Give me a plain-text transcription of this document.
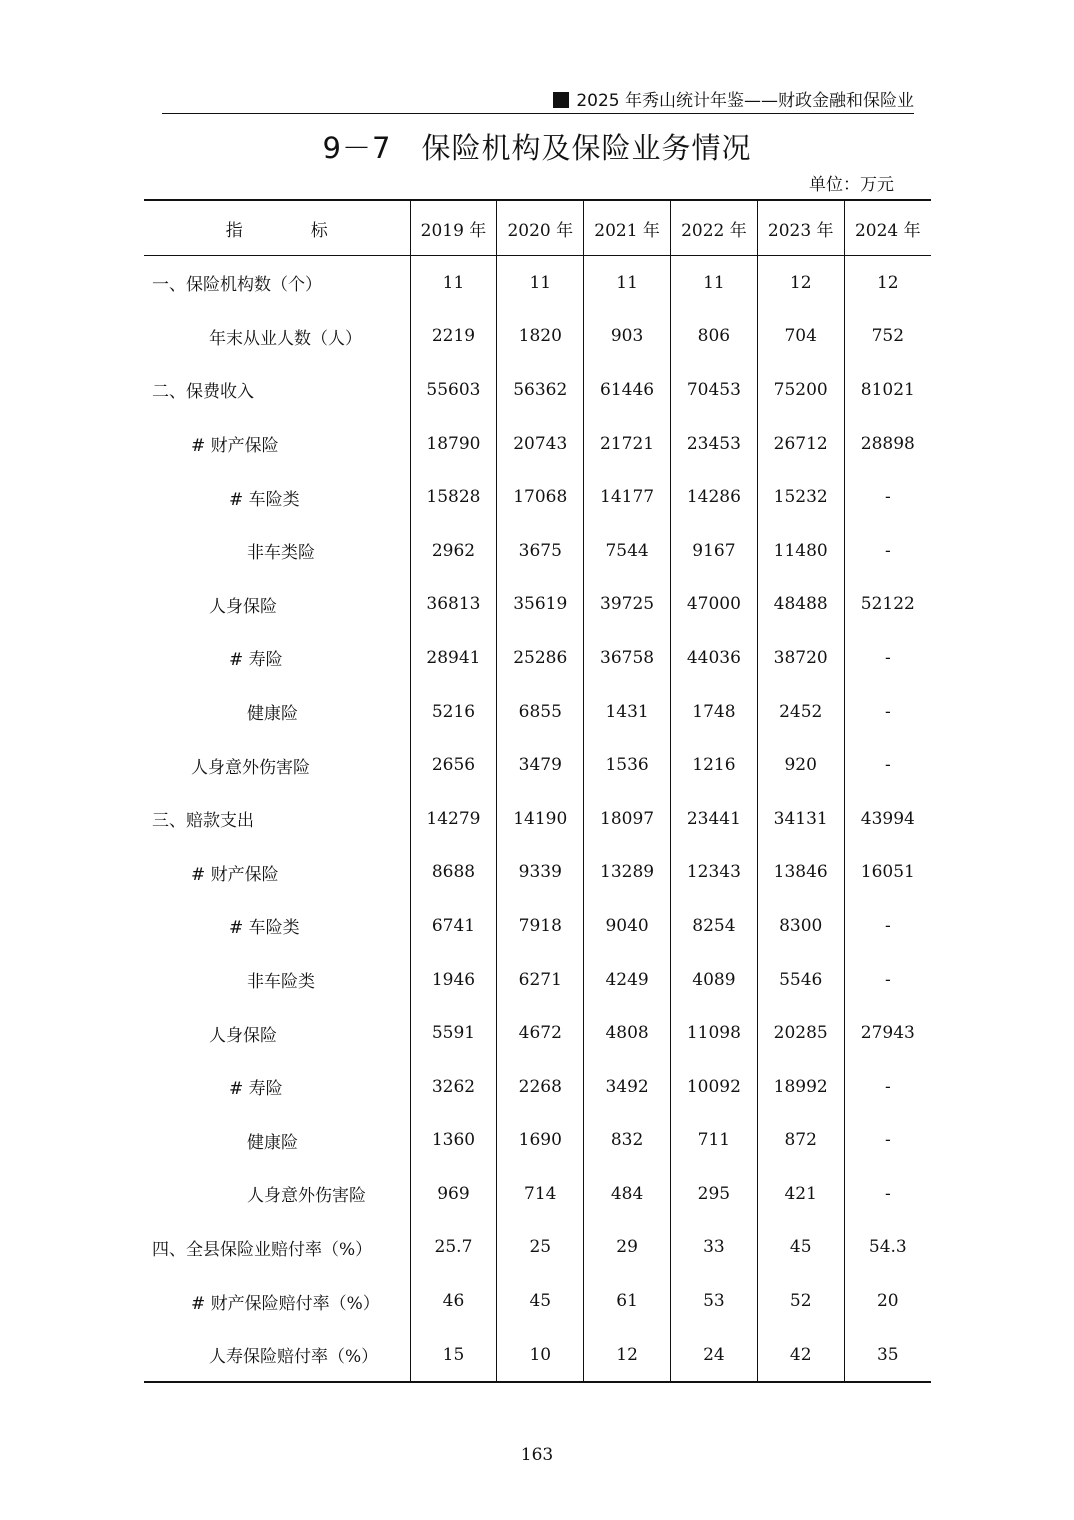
2025 年秀山统计年鉴——财政金融和保险业
9－7　保险机构及保险业务情况
单位：万元
指　　　　标	2019 年	2020 年	2021 年	2022 年	2023 年	2024 年
一、保险机构数（个）	11	11	11	11	12	12
年末从业人数（人）	2219	1820	903	806	704	752
二、保费收入	55603	56362	61446	70453	75200	81021
# 财产保险	18790	20743	21721	23453	26712	28898
# 车险类	15828	17068	14177	14286	15232	-
非车类险	2962	3675	7544	9167	11480	-
人身保险	36813	35619	39725	47000	48488	52122
# 寿险	28941	25286	36758	44036	38720	-
健康险	5216	6855	1431	1748	2452	-
人身意外伤害险	2656	3479	1536	1216	920	-
三、赔款支出	14279	14190	18097	23441	34131	43994
# 财产保险	8688	9339	13289	12343	13846	16051
# 车险类	6741	7918	9040	8254	8300	-
非车险类	1946	6271	4249	4089	5546	-
人身保险	5591	4672	4808	11098	20285	27943
# 寿险	3262	2268	3492	10092	18992	-
健康险	1360	1690	832	711	872	-
人身意外伤害险	969	714	484	295	421	-
四、全县保险业赔付率（%）	25.7	25	29	33	45	54.3
# 财产保险赔付率（%）	46	45	61	53	52	20
人寿保险赔付率（%）	15	10	12	24	42	35
163
